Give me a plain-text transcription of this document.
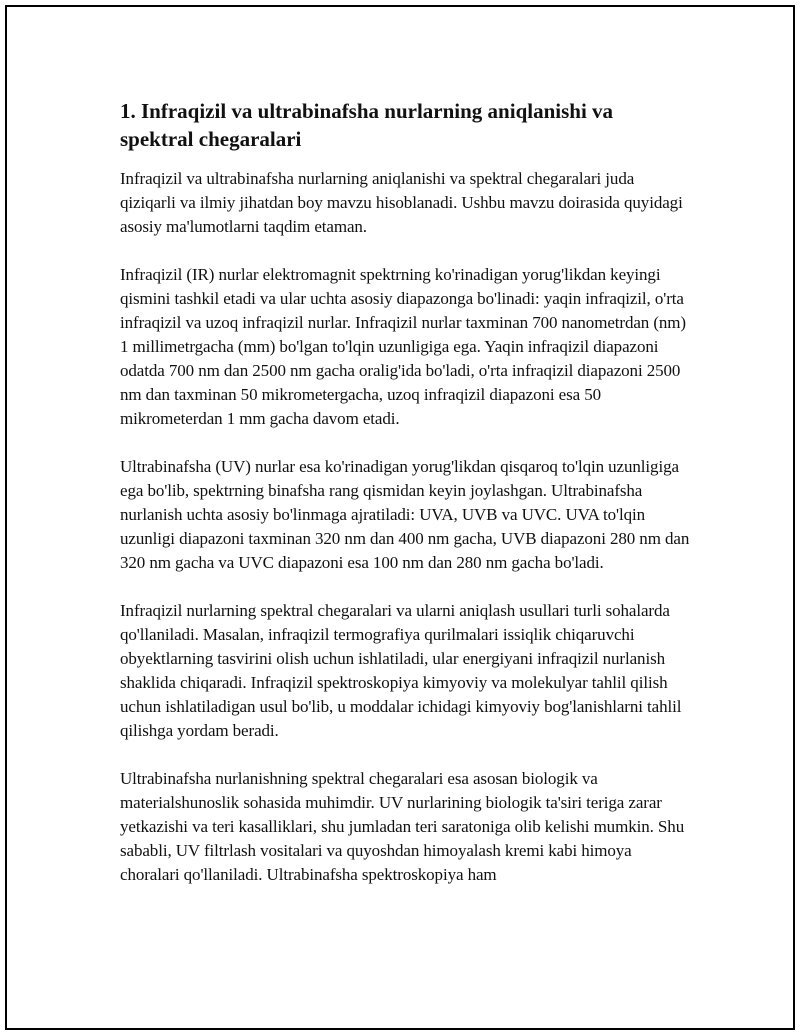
1. Infraqizil va ultrabinafsha nurlarning aniqlanishi va spektral chegaralari

Infraqizil va ultrabinafsha nurlarning aniqlanishi va spektral chegaralari juda qiziqarli va ilmiy jihatdan boy mavzu hisoblanadi. Ushbu mavzu doirasida quyidagi asosiy ma'lumotlarni taqdim etaman.

Infraqizil (IR) nurlar elektromagnit spektrning ko'rinadigan yorug'likdan keyingi qismini tashkil etadi va ular uchta asosiy diapazonga bo'linadi: yaqin infraqizil, o'rta infraqizil va uzoq infraqizil nurlar. Infraqizil nurlar taxminan 700 nanometrdan (nm) 1 millimetrgacha (mm) bo'lgan to'lqin uzunligiga ega. Yaqin infraqizil diapazoni odatda 700 nm dan 2500 nm gacha oralig'ida bo'ladi, o'rta infraqizil diapazoni 2500 nm dan taxminan 50 mikrometergacha, uzoq infraqizil diapazoni esa 50 mikrometerdan 1 mm gacha davom etadi.

Ultrabinafsha (UV) nurlar esa ko'rinadigan yorug'likdan qisqaroq to'lqin uzunligiga ega bo'lib, spektrning binafsha rang qismidan keyin joylashgan. Ultrabinafsha nurlanish uchta asosiy bo'linmaga ajratiladi: UVA, UVB va UVC. UVA to'lqin uzunligi diapazoni taxminan 320 nm dan 400 nm gacha, UVB diapazoni 280 nm dan 320 nm gacha va UVC diapazoni esa 100 nm dan 280 nm gacha bo'ladi.

Infraqizil nurlarning spektral chegaralari va ularni aniqlash usullari turli sohalarda qo'llaniladi. Masalan, infraqizil termografiya qurilmalari issiqlik chiqaruvchi obyektlarning tasvirini olish uchun ishlatiladi, ular energiyani infraqizil nurlanish shaklida chiqaradi. Infraqizil spektroskopiya kimyoviy va molekulyar tahlil qilish uchun ishlatiladigan usul bo'lib, u moddalar ichidagi kimyoviy bog'lanishlarni tahlil qilishga yordam beradi.

Ultrabinafsha nurlanishning spektral chegaralari esa asosan biologik va materialshunoslik sohasida muhimdir. UV nurlarining biologik ta'siri teriga zarar yetkazishi va teri kasalliklari, shu jumladan teri saratoniga olib kelishi mumkin. Shu sababli, UV filtrlash vositalari va quyoshdan himoyalash kremi kabi himoya choralari qo'llaniladi. Ultrabinafsha spektroskopiya ham
